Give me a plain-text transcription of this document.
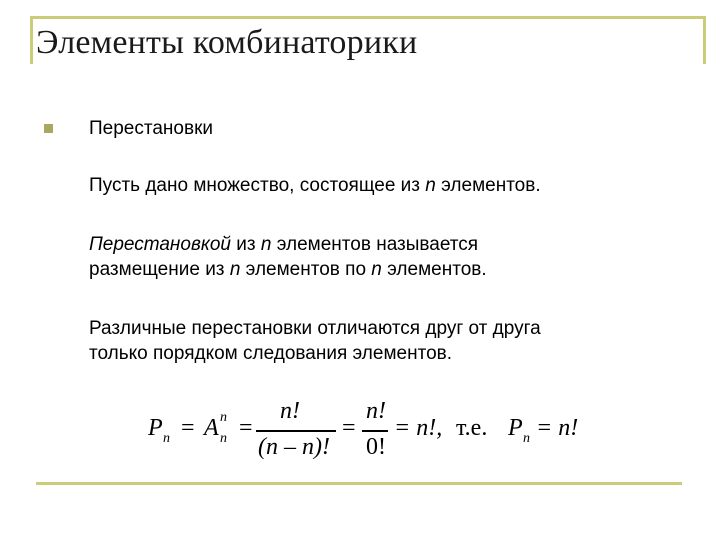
Элементы комбинаторики
Перестановки
Пусть дано множество, состоящее из n элементов.
Перестановкой из n элементов называется
размещение из n элементов по n элементов.
Различные перестановки отличаются друг от друга
только порядком следования элементов.
P n = A n
n =
n!
(n – n)!
=
n!
0!
= n!, т.е. P n = n!
